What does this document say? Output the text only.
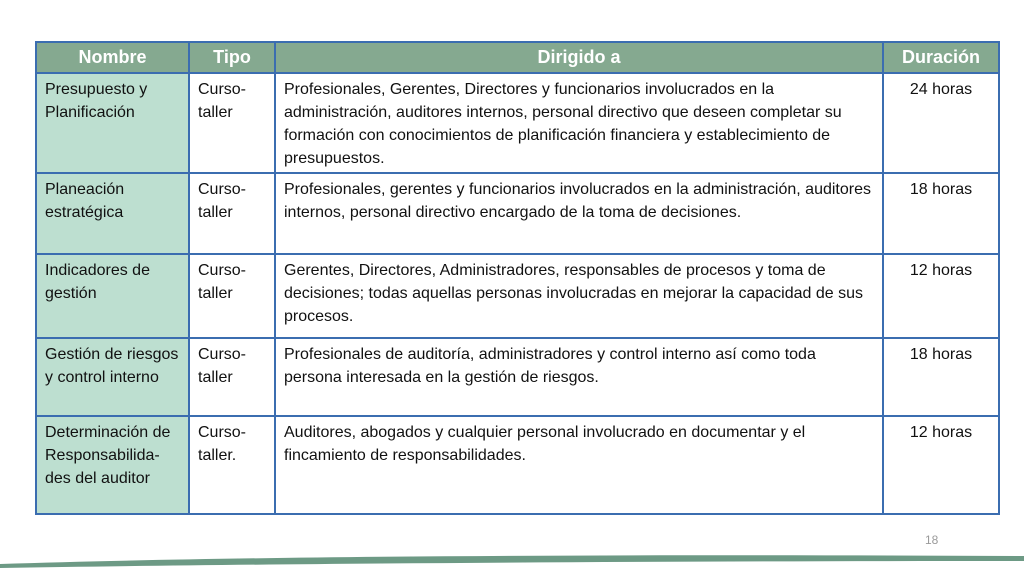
Nombre	Tipo	Dirigido a	Duración
Presupuesto y Planificación	Curso-taller	Profesionales, Gerentes, Directores y funcionarios involucrados en la administración, auditores internos, personal directivo que deseen completar su formación con conocimientos de planificación financiera y establecimiento de presupuestos.	24 horas
Planeación estratégica	Curso-taller	Profesionales, gerentes y funcionarios involucrados en la administración, auditores internos, personal directivo encargado de la toma de decisiones.	18 horas
Indicadores de gestión	Curso-taller	Gerentes, Directores, Administradores, responsables de procesos y toma de decisiones; todas aquellas personas involucradas en mejorar la capacidad de sus procesos.	12 horas
Gestión de riesgos y control interno	Curso-taller	Profesionales de auditoría, administradores y control interno así como toda persona interesada en la gestión de riesgos.	18 horas
Determinación de Responsabilida-des del auditor	Curso-taller.	Auditores, abogados y cualquier personal involucrado en documentar y el fincamiento de responsabilidades.	12 horas
18
